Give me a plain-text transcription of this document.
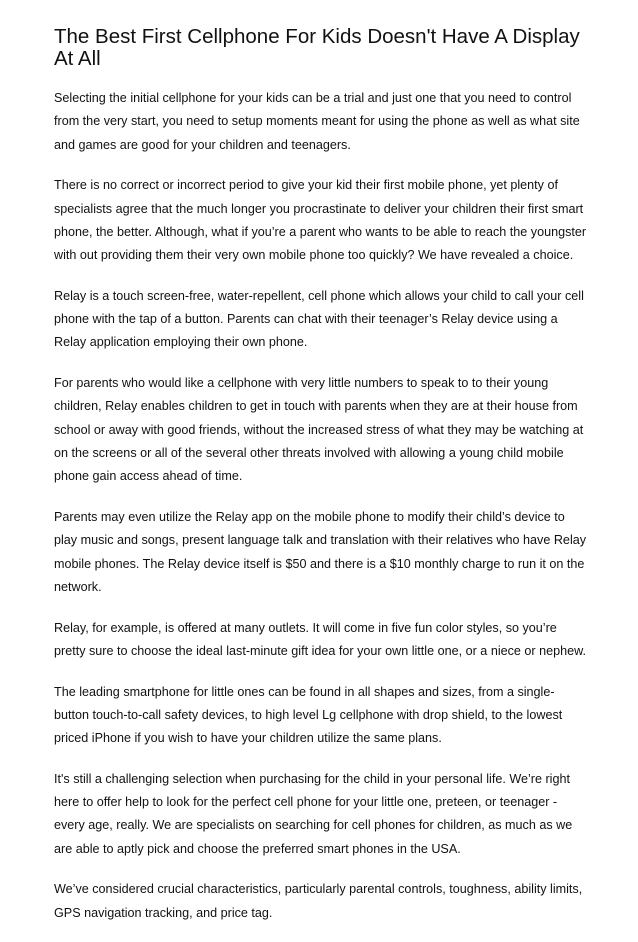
The Best First Cellphone For Kids Doesn't Have A Display At All

Selecting the initial cellphone for your kids can be a trial and just one that you need to control from the very start, you need to setup moments meant for using the phone as well as what site and games are good for your children and teenagers.

There is no correct or incorrect period to give your kid their first mobile phone, yet plenty of specialists agree that the much longer you procrastinate to deliver your children their first smart phone, the better. Although, what if you’re a parent who wants to be able to reach the youngster with out providing them their very own mobile phone too quickly? We have revealed a choice.

Relay is a touch screen-free, water-repellent, cell phone which allows your child to call your cell phone with the tap of a button. Parents can chat with their teenager’s Relay device using a Relay application employing their own phone.

For parents who would like a cellphone with very little numbers to speak to to their young children, Relay enables children to get in touch with parents when they are at their house from school or away with good friends, without the increased stress of what they may be watching at on the screens or all of the several other threats involved with allowing a young child mobile phone gain access ahead of time.

Parents may even utilize the Relay app on the mobile phone to modify their child’s device to play music and songs, present language talk and translation with their relatives who have Relay mobile phones. The Relay device itself is $50 and there is a $10 monthly charge to run it on the network.

Relay, for example, is offered at many outlets. It will come in five fun color styles, so you’re pretty sure to choose the ideal last-minute gift idea for your own little one, or a niece or nephew.

The leading smartphone for little ones can be found in all shapes and sizes, from a single-button touch-to-call safety devices, to high level Lg cellphone with drop shield, to the lowest priced iPhone if you wish to have your children utilize the same plans.

It's still a challenging selection when purchasing for the child in your personal life. We’re right here to offer help to look for the perfect cell phone for your little one, preteen, or teenager - every age, really. We are specialists on searching for cell phones for children, as much as we are able to aptly pick and choose the preferred smart phones in the USA.

We’ve considered crucial characteristics, particularly parental controls, toughness, ability limits, GPS navigation tracking, and price tag.
